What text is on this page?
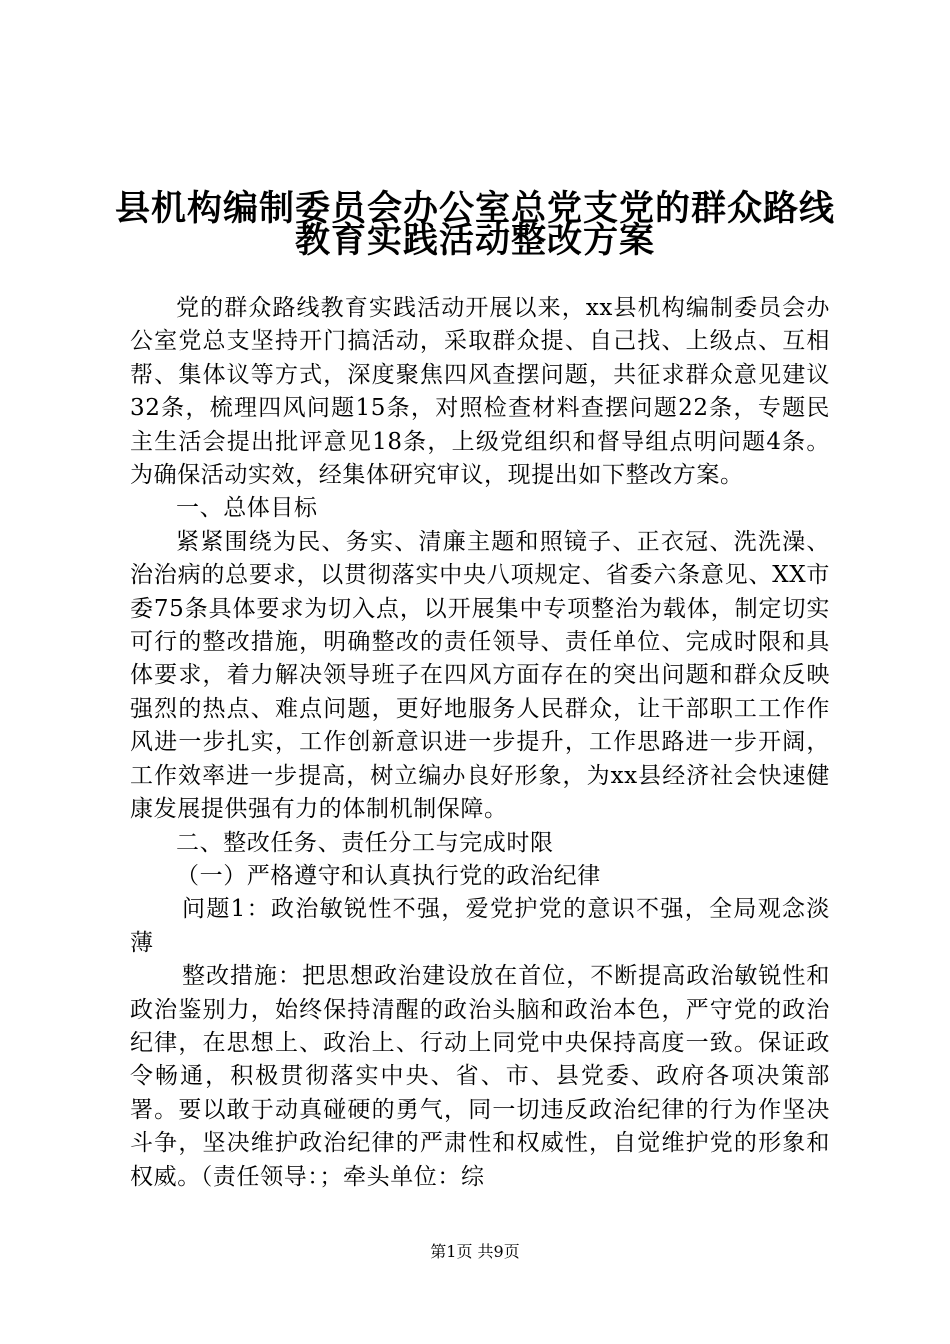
县机构编制委员会办公室总党支党的群众路线
教育实践活动整改方案

党的群众路线教育实践活动开展以来，xx县机构编制委员会办公室党总支坚持开门搞活动，采取群众提、自己找、上级点、互相帮、集体议等方式，深度聚焦四风查摆问题，共征求群众意见建议32条，梳理四风问题15条，对照检查材料查摆问题22条，专题民主生活会提出批评意见18条，上级党组织和督导组点明问题4条。为确保活动实效，经集体研究审议，现提出如下整改方案。

一、总体目标

紧紧围绕为民、务实、清廉主题和照镜子、正衣冠、洗洗澡、治治病的总要求，以贯彻落实中央八项规定、省委六条意见、XX市委75条具体要求为切入点，以开展集中专项整治为载体，制定切实可行的整改措施，明确整改的责任领导、责任单位、完成时限和具体要求，着力解决领导班子在四风方面存在的突出问题和群众反映强烈的热点、难点问题，更好地服务人民群众，让干部职工工作作风进一步扎实，工作创新意识进一步提升，工作思路进一步开阔，工作效率进一步提高，树立编办良好形象，为xx县经济社会快速健康发展提供强有力的体制机制保障。

二、整改任务、责任分工与完成时限

（一）严格遵守和认真执行党的政治纪律

问题1：政治敏锐性不强，爱党护党的意识不强，全局观念淡薄

整改措施：把思想政治建设放在首位，不断提高政治敏锐性和政治鉴别力，始终保持清醒的政治头脑和政治本色，严守党的政治纪律，在思想上、政治上、行动上同党中央保持高度一致。保证政令畅通，积极贯彻落实中央、省、市、县党委、政府各项决策部署。要以敢于动真碰硬的勇气，同一切违反政治纪律的行为作坚决斗争，坚决维护政治纪律的严肃性和权威性，自觉维护党的形象和权威。（责任领导：；牵头单位：综

第1页 共9页
